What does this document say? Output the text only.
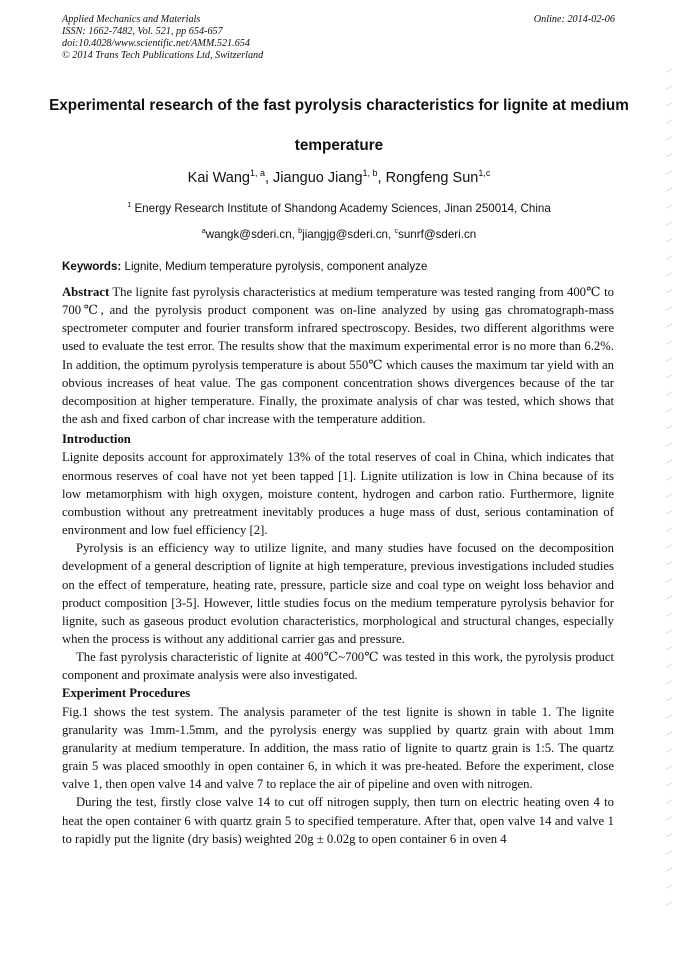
Applied Mechanics and Materials
ISSN: 1662-7482, Vol. 521, pp 654-657
doi:10.4028/www.scientific.net/AMM.521.654
© 2014 Trans Tech Publications Ltd, Switzerland
Online: 2014-02-06
Experimental research of the fast pyrolysis characteristics for lignite at medium temperature
Kai Wang$^{1, a}$, Jianguo Jiang$^{1, b}$, Rongfeng Sun$^{1,c}$
$^1$ Energy Research Institute of Shandong Academy Sciences, Jinan 250014, China
$^a$wangk@sderi.cn, $^b$jiangjg@sderi.cn, $^c$sunrf@sderi.cn
Keywords: Lignite, Medium temperature pyrolysis, component analyze

Abstract The lignite fast pyrolysis characteristics at medium temperature was tested ranging from 400℃ to 700℃, and the pyrolysis product component was on-line analyzed by using gas chromatograph-mass spectrometer computer and fourier transform infrared spectroscopy. Besides, two different algorithms were used to evaluate the test error. The results show that the maximum experimental error is no more than 6.2%. In addition, the optimum pyrolysis temperature is about 550℃ which causes the maximum tar yield with an obvious increases of heat value. The gas component concentration shows divergences because of the tar decomposition at higher temperature. Finally, the proximate analysis of char was tested, which shows that the ash and fixed carbon of char increase with the temperature addition.

Introduction

Lignite deposits account for approximately 13% of the total reserves of coal in China, which indicates that enormous reserves of coal have not yet been tapped [1]. Lignite utilization is low in China because of its low metamorphism with high oxygen, moisture content, hydrogen and carbon ratio. Furthermore, lignite combustion without any pretreatment inevitably produces a huge mass of dust, serious contamination of environment and low fuel efficiency [2].

Pyrolysis is an efficiency way to utilize lignite, and many studies have focused on the decomposition development of a general description of lignite at high temperature, previous investigations included studies on the effect of temperature, heating rate, pressure, particle size and coal type on weight loss behavior and product composition [3-5]. However, little studies focus on the medium temperature pyrolysis behavior for lignite, such as gaseous product evolution characteristics, morphological and structural changes, especially when the process is without any additional carrier gas and pressure.

The fast pyrolysis characteristic of lignite at 400℃~700℃ was tested in this work, the pyrolysis product component and proximate analysis were also investigated.

Experiment Procedures

Fig.1 shows the test system. The analysis parameter of the test lignite is shown in table 1. The lignite granularity was 1mm-1.5mm, and the pyrolysis energy was supplied by quartz grain with about 1mm granularity at medium temperature. In addition, the mass ratio of lignite to quartz grain is 1:5. The quartz grain 5 was placed smoothly in open container 6, in which it was pre-heated. Before the experiment, close valve 1, then open valve 14 and valve 7 to replace the air of pipeline and oven with nitrogen.

During the test, firstly close valve 14 to cut off nitrogen supply, then turn on electric heating oven 4 to heat the open container 6 with quartz grain 5 to specified temperature. After that, open valve 14 and valve 1 to rapidly put the lignite (dry basis) weighted 20g ± 0.02g to open container 6 in oven 4
